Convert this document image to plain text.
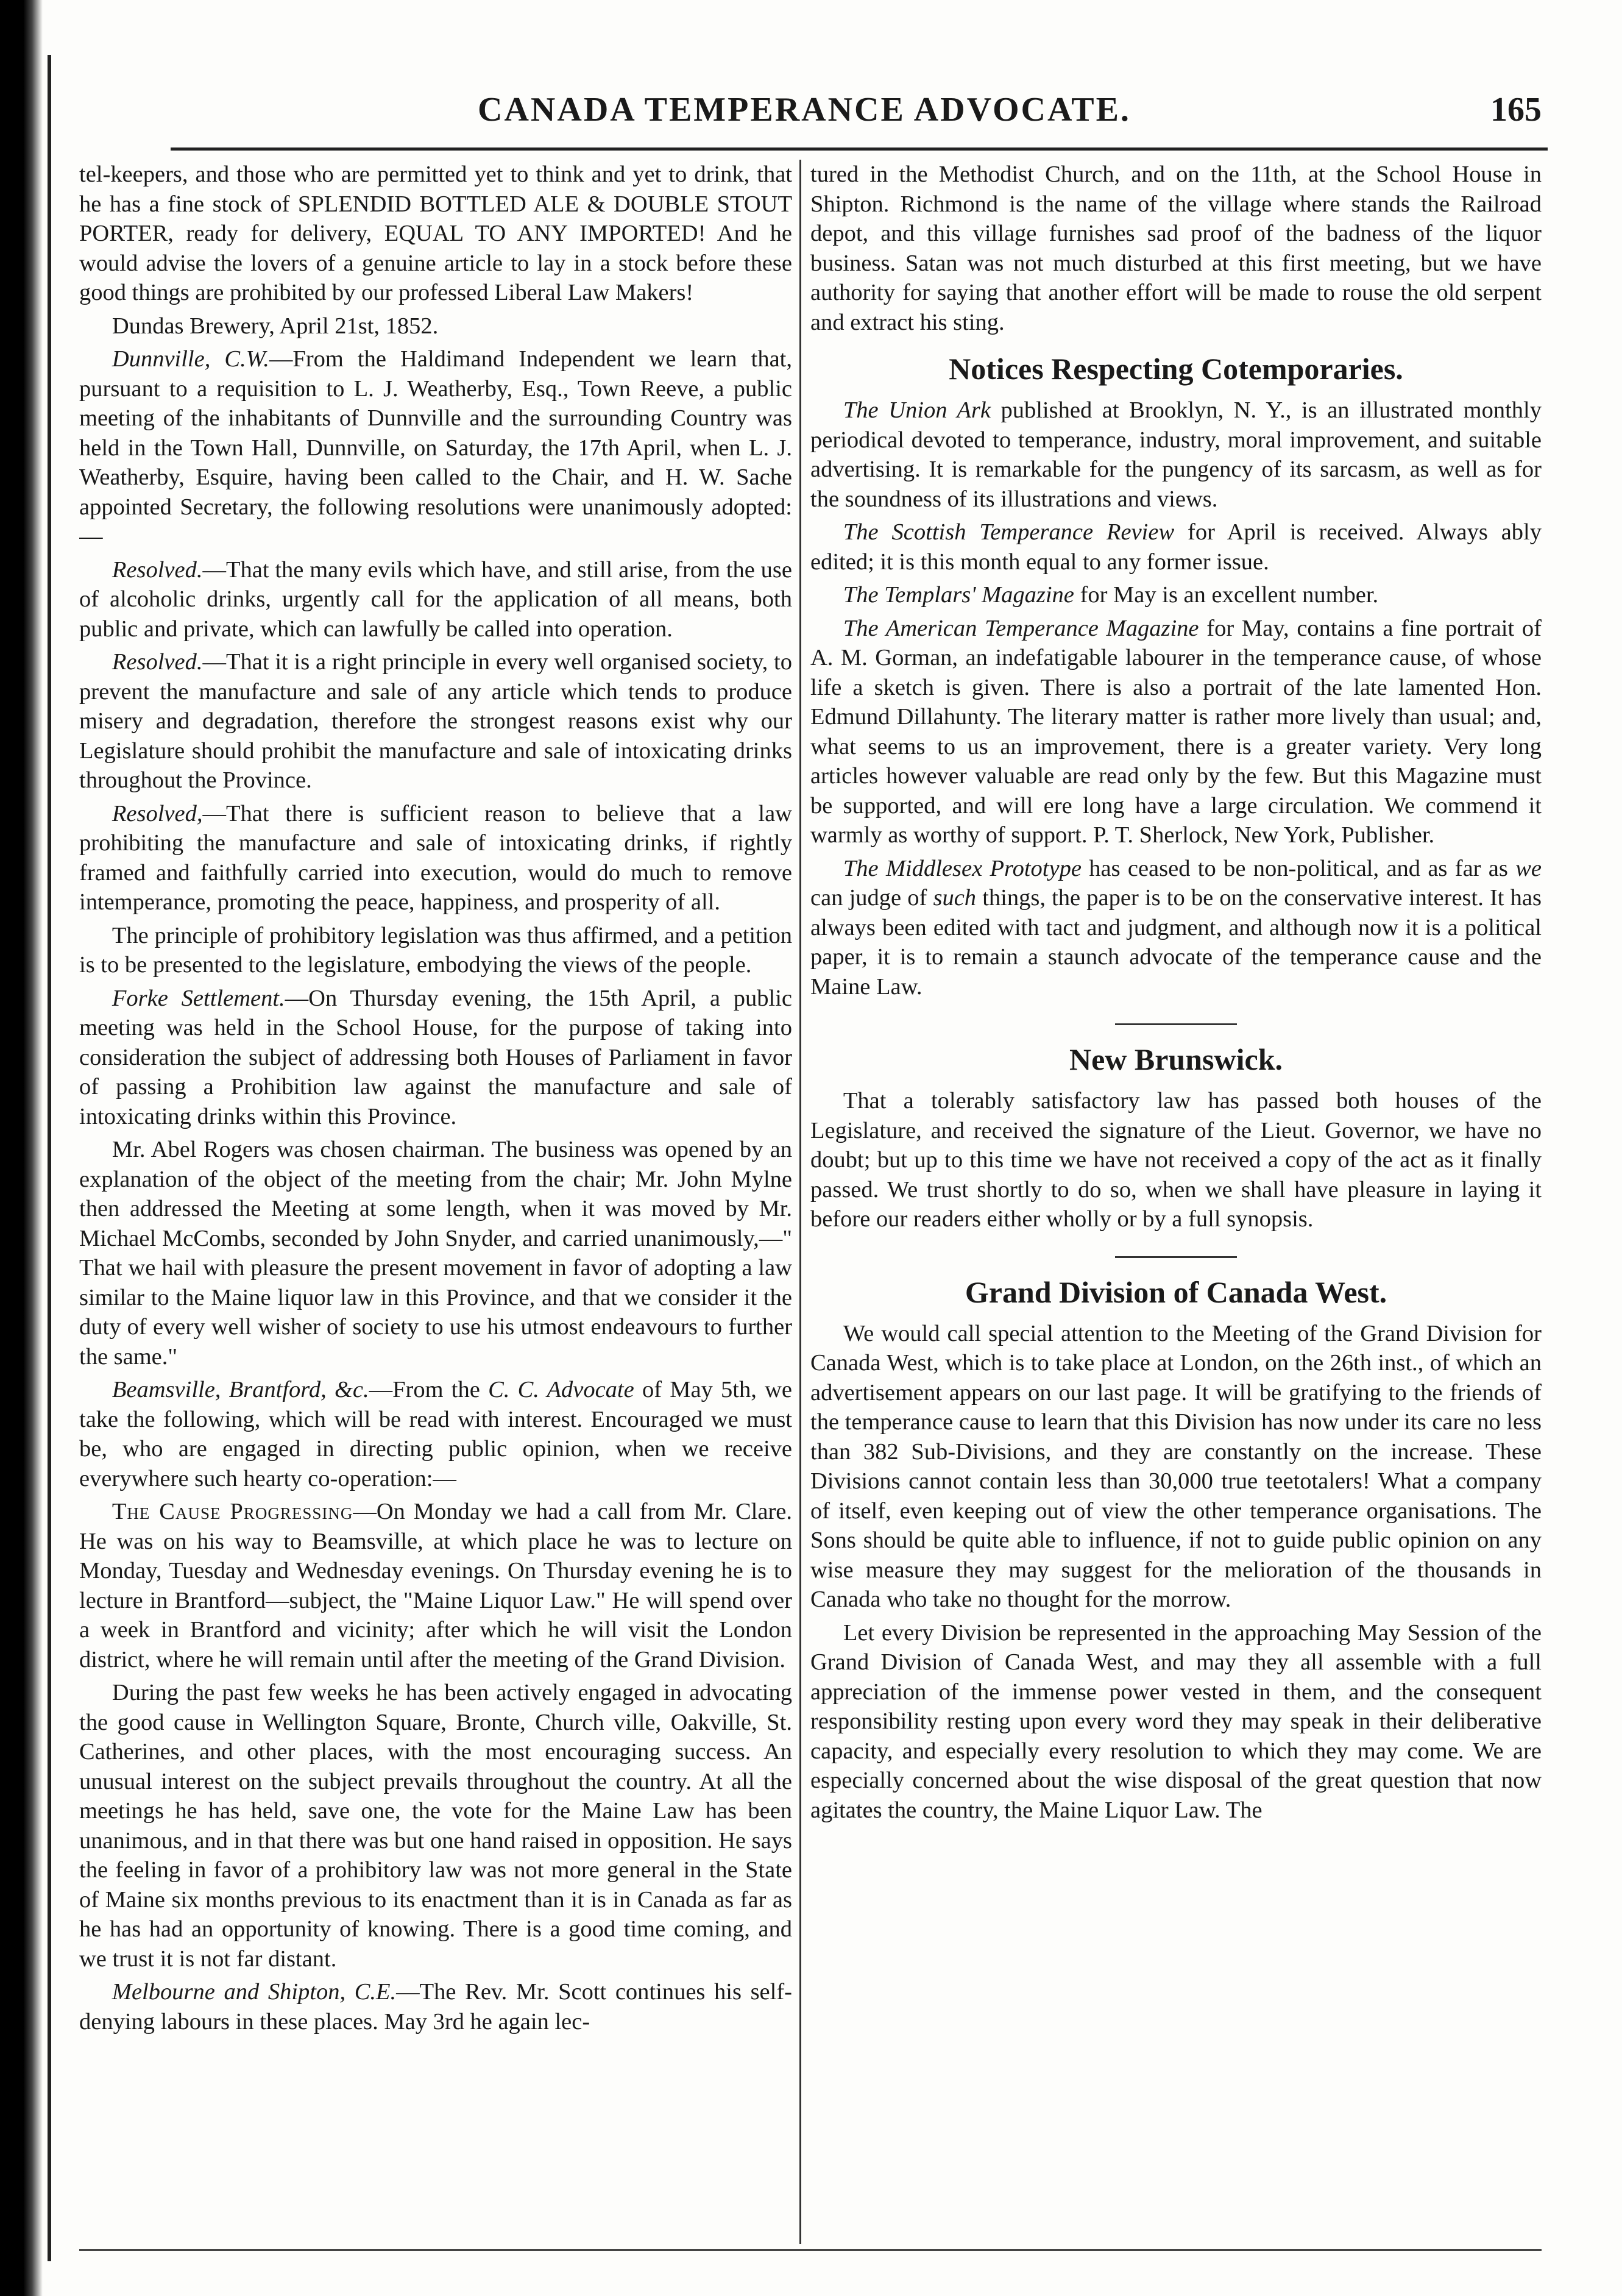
CANADA TEMPERANCE ADVOCATE.	165

tel-keepers, and those who are permitted yet to think and yet to drink, that he has a fine stock of SPLENDID BOTTLED ALE & DOUBLE STOUT PORTER, ready for delivery, EQUAL TO ANY IMPORTED! And he would advise the lovers of a genuine article to lay in a stock before these good things are prohibited by our professed Liberal Law Makers!

Dundas Brewery, April 21st, 1852.

Dunnville, C.W.—From the Haldimand Independent we learn that, pursuant to a requisition to L. J. Weatherby, Esq., Town Reeve, a public meeting of the inhabitants of Dunnville and the surrounding Country was held in the Town Hall, Dunnville, on Saturday, the 17th April, when L. J. Weatherby, Esquire, having been called to the Chair, and H. W. Sache appointed Secretary, the following resolutions were unanimously adopted:—

Resolved.—That the many evils which have, and still arise, from the use of alcoholic drinks, urgently call for the application of all means, both public and private, which can lawfully be called into operation.

Resolved.—That it is a right principle in every well organised society, to prevent the manufacture and sale of any article which tends to produce misery and degradation, therefore the strongest reasons exist why our Legislature should prohibit the manufacture and sale of intoxicating drinks throughout the Province.

Resolved,—That there is sufficient reason to believe that a law prohibiting the manufacture and sale of intoxicating drinks, if rightly framed and faithfully carried into execution, would do much to remove intemperance, promoting the peace, happiness, and prosperity of all.

The principle of prohibitory legislation was thus affirmed, and a petition is to be presented to the legislature, embodying the views of the people.

Forke Settlement.—On Thursday evening, the 15th April, a public meeting was held in the School House, for the purpose of taking into consideration the subject of addressing both Houses of Parliament in favor of passing a Prohibition law against the manufacture and sale of intoxicating drinks within this Province.

Mr. Abel Rogers was chosen chairman. The business was opened by an explanation of the object of the meeting from the chair; Mr. John Mylne then addressed the Meeting at some length, when it was moved by Mr. Michael McCombs, seconded by John Snyder, and carried unanimously,—" That we hail with pleasure the present movement in favor of adopting a law similar to the Maine liquor law in this Province, and that we consider it the duty of every well wisher of society to use his utmost endeavours to further the same."

Beamsville, Brantford, &c.—From the C. C. Advocate of May 5th, we take the following, which will be read with interest. Encouraged we must be, who are engaged in directing public opinion, when we receive everywhere such hearty co-operation:—

The Cause Progressing—On Monday we had a call from Mr. Clare. He was on his way to Beamsville, at which place he was to lecture on Monday, Tuesday and Wednesday evenings. On Thursday evening he is to lecture in Brantford—subject, the "Maine Liquor Law." He will spend over a week in Brantford and vicinity; after which he will visit the London district, where he will remain until after the meeting of the Grand Division.

During the past few weeks he has been actively engaged in advocating the good cause in Wellington Square, Bronte, Church ville, Oakville, St. Catherines, and other places, with the most encouraging success. An unusual interest on the subject prevails throughout the country. At all the meetings he has held, save one, the vote for the Maine Law has been unanimous, and in that there was but one hand raised in opposition. He says the feeling in favor of a prohibitory law was not more general in the State of Maine six months previous to its enactment than it is in Canada as far as he has had an opportunity of knowing. There is a good time coming, and we trust it is not far distant.

Melbourne and Shipton, C.E.—The Rev. Mr. Scott continues his self-denying labours in these places. May 3rd he again lec-

tured in the Methodist Church, and on the 11th, at the School House in Shipton. Richmond is the name of the village where stands the Railroad depot, and this village furnishes sad proof of the badness of the liquor business. Satan was not much disturbed at this first meeting, but we have authority for saying that another effort will be made to rouse the old serpent and extract his sting.

Notices Respecting Cotemporaries.

The Union Ark published at Brooklyn, N. Y., is an illustrated monthly periodical devoted to temperance, industry, moral improvement, and suitable advertising. It is remarkable for the pungency of its sarcasm, as well as for the soundness of its illustrations and views.

The Scottish Temperance Review for April is received. Always ably edited; it is this month equal to any former issue.

The Templars' Magazine for May is an excellent number.

The American Temperance Magazine for May, contains a fine portrait of A. M. Gorman, an indefatigable labourer in the temperance cause, of whose life a sketch is given. There is also a portrait of the late lamented Hon. Edmund Dillahunty. The literary matter is rather more lively than usual; and, what seems to us an improvement, there is a greater variety. Very long articles however valuable are read only by the few. But this Magazine must be supported, and will ere long have a large circulation. We commend it warmly as worthy of support. P. T. Sherlock, New York, Publisher.

The Middlesex Prototype has ceased to be non-political, and as far as we can judge of such things, the paper is to be on the conservative interest. It has always been edited with tact and judgment, and although now it is a political paper, it is to remain a staunch advocate of the temperance cause and the Maine Law.

New Brunswick.

That a tolerably satisfactory law has passed both houses of the Legislature, and received the signature of the Lieut. Governor, we have no doubt; but up to this time we have not received a copy of the act as it finally passed. We trust shortly to do so, when we shall have pleasure in laying it before our readers either wholly or by a full synopsis.

Grand Division of Canada West.

We would call special attention to the Meeting of the Grand Division for Canada West, which is to take place at London, on the 26th inst., of which an advertisement appears on our last page. It will be gratifying to the friends of the temperance cause to learn that this Division has now under its care no less than 382 Sub-Divisions, and they are constantly on the increase. These Divisions cannot contain less than 30,000 true teetotalers! What a company of itself, even keeping out of view the other temperance organisations. The Sons should be quite able to influence, if not to guide public opinion on any wise measure they may suggest for the melioration of the thousands in Canada who take no thought for the morrow.

Let every Division be represented in the approaching May Session of the Grand Division of Canada West, and may they all assemble with a full appreciation of the immense power vested in them, and the consequent responsibility resting upon every word they may speak in their deliberative capacity, and especially every resolution to which they may come. We are especially concerned about the wise disposal of the great question that now agitates the country, the Maine Liquor Law. The
